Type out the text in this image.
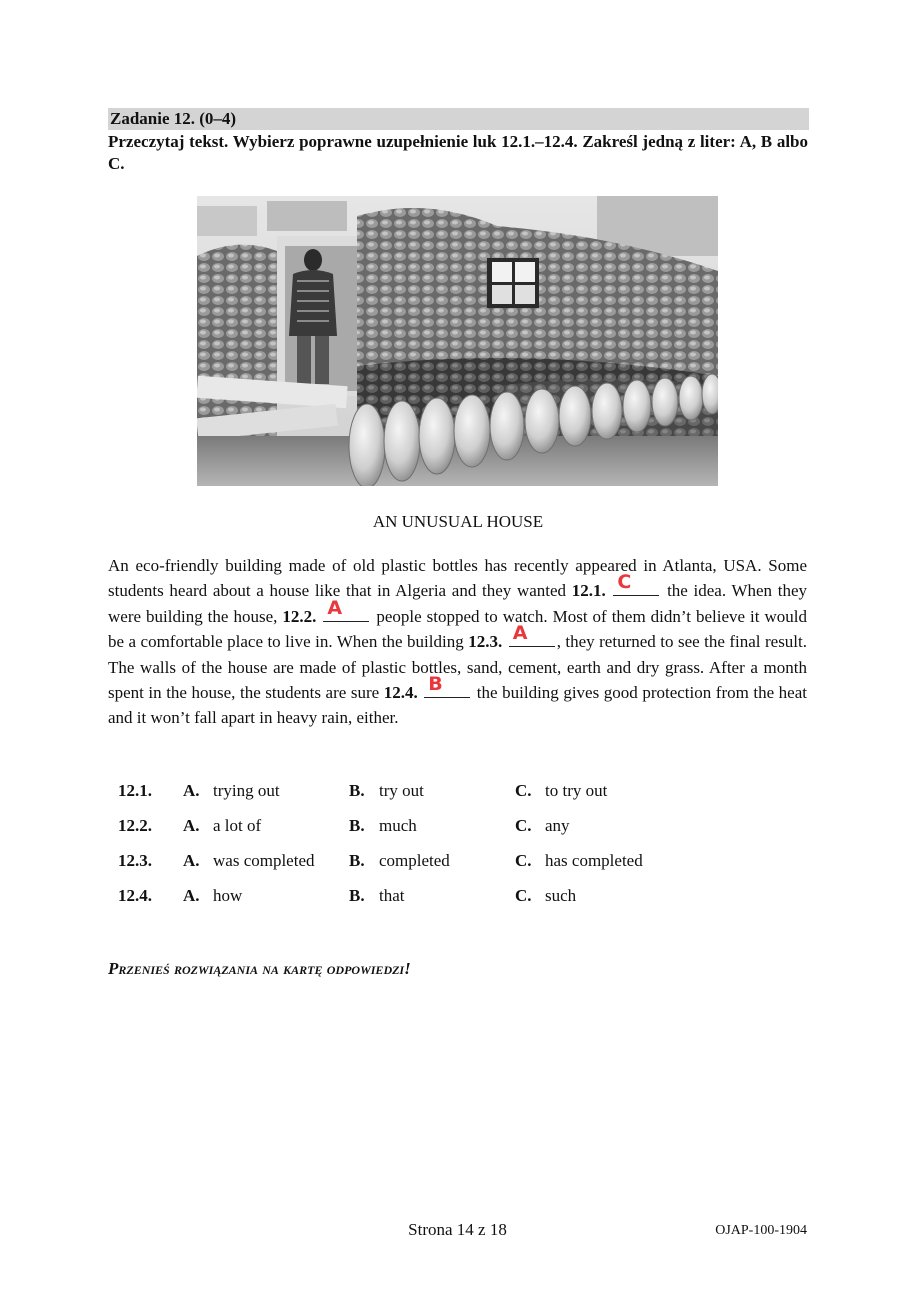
Zadanie 12. (0–4)
Przeczytaj tekst. Wybierz poprawne uzupełnienie luk 12.1.–12.4. Zakreśl jedną z liter: A, B albo C.
AN UNUSUAL HOUSE
An eco-friendly building made of old plastic bottles has recently appeared in Atlanta, USA. Some students heard about a house like that in Algeria and they wanted 12.1. C the idea. When they were building the house, 12.2. A people stopped to watch. Most of them didn’t believe it would be a comfortable place to live in. When the building 12.3. A , they returned to see the final result. The walls of the house are made of plastic bottles, sand, cement, earth and dry grass. After a month spent in the house, the students are sure 12.4. B the building gives good protection from the heat and it won’t fall apart in heavy rain, either.
12.1. A. trying out	B. try out	C. to try out
12.2. A. a lot of	B. much	C. any
12.3. A. was completed B. completed	C. has completed
12.4. A. how	B. that	C. such
Przenieś rozwiązania na kartę odpowiedzi!
Strona 14 z 18	OJAP-100-1904
